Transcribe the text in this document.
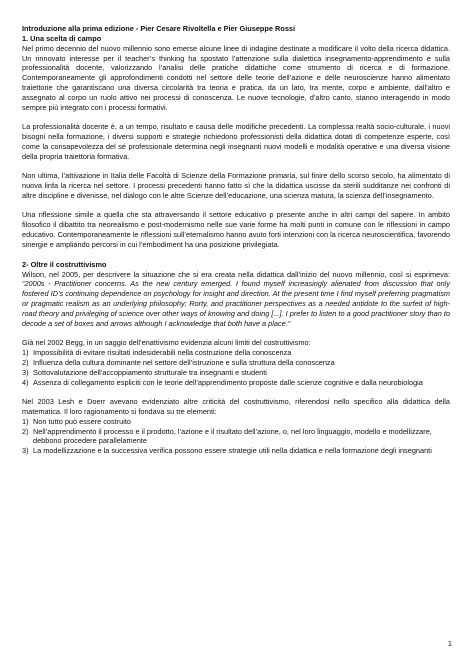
Introduzione alla prima edizione - Pier Cesare Rivoltella e Pier Giuseppe Rossi

1. Una scelta di campo

Nel primo decennio del nuovo millennio sono emerse alcune linee di indagine destinate a modificare il volto della ricerca didattica. Un rinnovato interesse per il teacher’s thinking ha spostato l’attenzione sulla dialettica insegnamento-apprendimento e sulla professionalità docente, valorizzando l’analisi delle pratiche didattiche come strumento di ricerca e di formazione. Contemporaneamente gli approfondimenti condotti nel settore delle teorie dell’azione e delle neuroscienze hanno alimentato traiettorie che garantiscano una diversa circolarità tra teoria e pratica, da un lato, tra mente, corpo e ambiente, dall’altro e assegnato al corpo un ruolo attivo nei processi di conoscenza. Le nuove tecnologie, d’altro canto, stanno interagendo in modo sempre più integrato con i processi formativi.

La professionalità docente è, a un tempo, risultato e causa delle modifiche precedenti. La complessa realtà socio-culturale, i nuovi bisogni nella formazione, i diversi supporti e strategie richiedono professionisti della didattica dotati di competenze esperte, così come la consapevolezza del sé professionale determina negli insegnanti nuovi modelli e modalità operative e una diversa visione della propria traiettoria formativa.

Non ultima, l’attivazione in Italia delle Facoltà di Scienze della Formazione primaria, sul finire dello scorso secolo, ha alimentato di nuova linfa la ricerca nel settore. I processi precedenti hanno fatto sì che la didattica uscisse da sterili sudditanze nei confronti di altre discipline e divenisse, nel dialogo con le altre Scienze dell’educazione, una scienza matura, la scienza dell’insegnamento.

Una riflessione simile a quella che sta attraversando il settore educativo p presente anche in altri campi del sapere. In ambito filosofico il dibattito tra neorealismo e post-modernismo nelle sue varie forme ha molti punti in comune con le riflessioni in campo educativo. Contemporaneamente le riflessioni sull’eternalismo hanno avuto forti intenzioni con la ricerca neuroscientifica, favorendo sinergie e ampliando percorsi in cui l’embodiment ha una posizione privilegiata.

2- Oltre il costruttivismo

Wilson, nel 2005, per descrivere la situazione che si era creata nella didattica dall’inizio del nuovo millennio, così si esprimeva: “2000s - Practitioner concerns. As the new century emerged. I found myself increasingly alienated from discussion that only fostered ID’s continuing dependence on psychology for insight and direction. At the present time I find myself preferring pragmatism or pragmatic realism as an underlying philosophy; Rorty, and practitioner perspectives as a needed antidote to the surfeit of high-road theory and privileging of science over other ways of knowing and doing [...]. I prefer to listen to a good practitioner story than to decode a set of boxes and arrows although I acknowledge that both have a place.”

Già nel 2002 Begg, in un saggio dell’enattivismo evidenzia alcuni limiti del costruttivismo:

1) Impossibilità di evitare risultati indesiderabili nella costruzione della conoscenza
2) Influenza della cultura dominante nel settore dell’istruzione e sulla struttura della conoscenza
3) Sottovalutazione dell’accoppiamento strutturale tra insegnanti e studenti
4) Assenza di collegamento espliciti con le teorie dell’apprendimento proposte dalle scienze cognitive e dalla neurobiologia

Nel 2003 Lesh e Doerr avevano evidenziato altre criticità del costruttivismo, riferendosi nello specifico alla didattica della matematica. Il loro ragionamento si fondava su tre elementi:

1) Non tutto può essere costruito
2) Nell’apprendimento il processo e il prodotto, l’azione e il risultato dell’azione, o, nel loro linguaggio, modello e modellizzare, debbono procedere parallelamente
3) La modellizzazione e la successiva verifica possono essere strategie utili nella didattica e nella formazione degli insegnanti
1
